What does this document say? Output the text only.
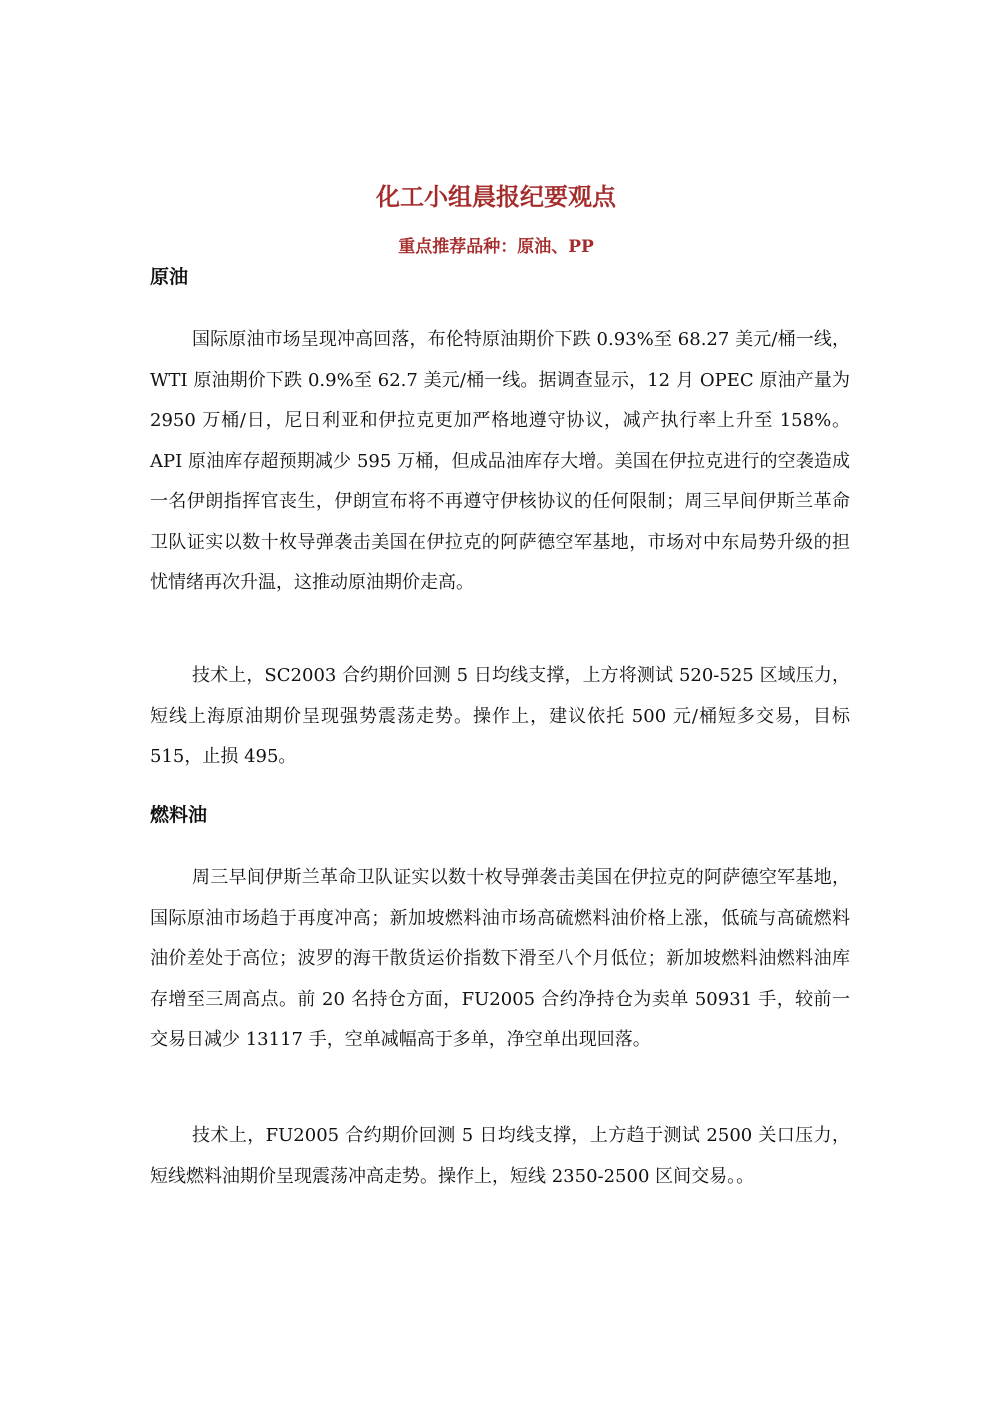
化工小组晨报纪要观点
重点推荐品种：原油、PP
原油

国际原油市场呈现冲高回落，布伦特原油期价下跌 0.93%至 68.27 美元/桶一线，WTI 原油期价下跌 0.9%至 62.7 美元/桶一线。据调查显示，12 月 OPEC 原油产量为 2950 万桶/日，尼日利亚和伊拉克更加严格地遵守协议，减产执行率上升至 158%。API 原油库存超预期减少 595 万桶，但成品油库存大增。美国在伊拉克进行的空袭造成一名伊朗指挥官丧生，伊朗宣布将不再遵守伊核协议的任何限制；周三早间伊斯兰革命卫队证实以数十枚导弹袭击美国在伊拉克的阿萨德空军基地，市场对中东局势升级的担忧情绪再次升温，这推动原油期价走高。

技术上，SC2003 合约期价回测 5 日均线支撑，上方将测试 520-525 区域压力，短线上海原油期价呈现强势震荡走势。操作上，建议依托 500 元/桶短多交易，目标 515，止损 495。

燃料油

周三早间伊斯兰革命卫队证实以数十枚导弹袭击美国在伊拉克的阿萨德空军基地，国际原油市场趋于再度冲高；新加坡燃料油市场高硫燃料油价格上涨，低硫与高硫燃料油价差处于高位；波罗的海干散货运价指数下滑至八个月低位；新加坡燃料油燃料油库存增至三周高点。前 20 名持仓方面，FU2005 合约净持仓为卖单 50931 手，较前一交易日减少 13117 手，空单减幅高于多单，净空单出现回落。

技术上，FU2005 合约期价回测 5 日均线支撑，上方趋于测试 2500 关口压力，短线燃料油期价呈现震荡冲高走势。操作上，短线 2350-2500 区间交易。。
